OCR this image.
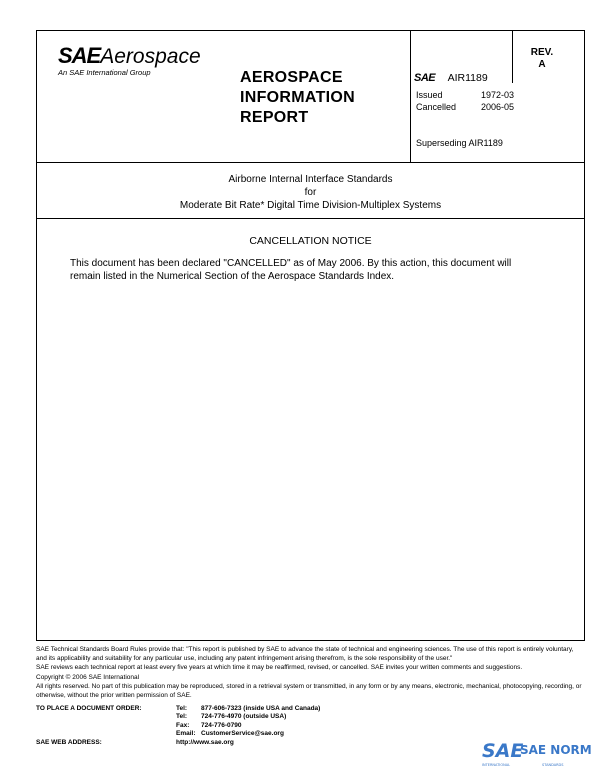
SAEAerospace
An SAE International Group	AEROSPACE
INFORMATION
REPORT
SAE AIR1189
REV.
A
Issued	1972-03
Cancelled	2006-05
Superseding AIR1189
Airborne Internal Interface Standards
for
Moderate Bit Rate* Digital Time Division-Multiplex Systems
CANCELLATION NOTICE
This document has been declared "CANCELLED" as of May 2006. By this action, this document will remain listed in the Numerical Section of the Aerospace Standards Index.
SAE Technical Standards Board Rules provide that: "This report is published by SAE to advance the state of technical and engineering sciences. The use of this report is entirely voluntary, and its applicability and suitability for any particular use, including any patent infringement arising therefrom, is the sole responsibility of the user."
SAE reviews each technical report at least every five years at which time it may be reaffirmed, revised, or cancelled. SAE invites your written comments and suggestions.
Copyright © 2006 SAE International
All rights reserved. No part of this publication may be reproduced, stored in a retrieval system or transmitted, in any form or by any means, electronic, mechanical, photocopying, recording, or otherwise, without the prior written permission of SAE.
TO PLACE A DOCUMENT ORDER:	Tel:	877-606-7323 (inside USA and Canada)
	Tel:	724-776-4970 (outside USA)
	Fax:	724-776-0790
	Email:	CustomerService@sae.org
SAE WEB ADDRESS:	http://www.sae.org		SAE
SAE NORM
INTERNATIONAL	STANDARDS
